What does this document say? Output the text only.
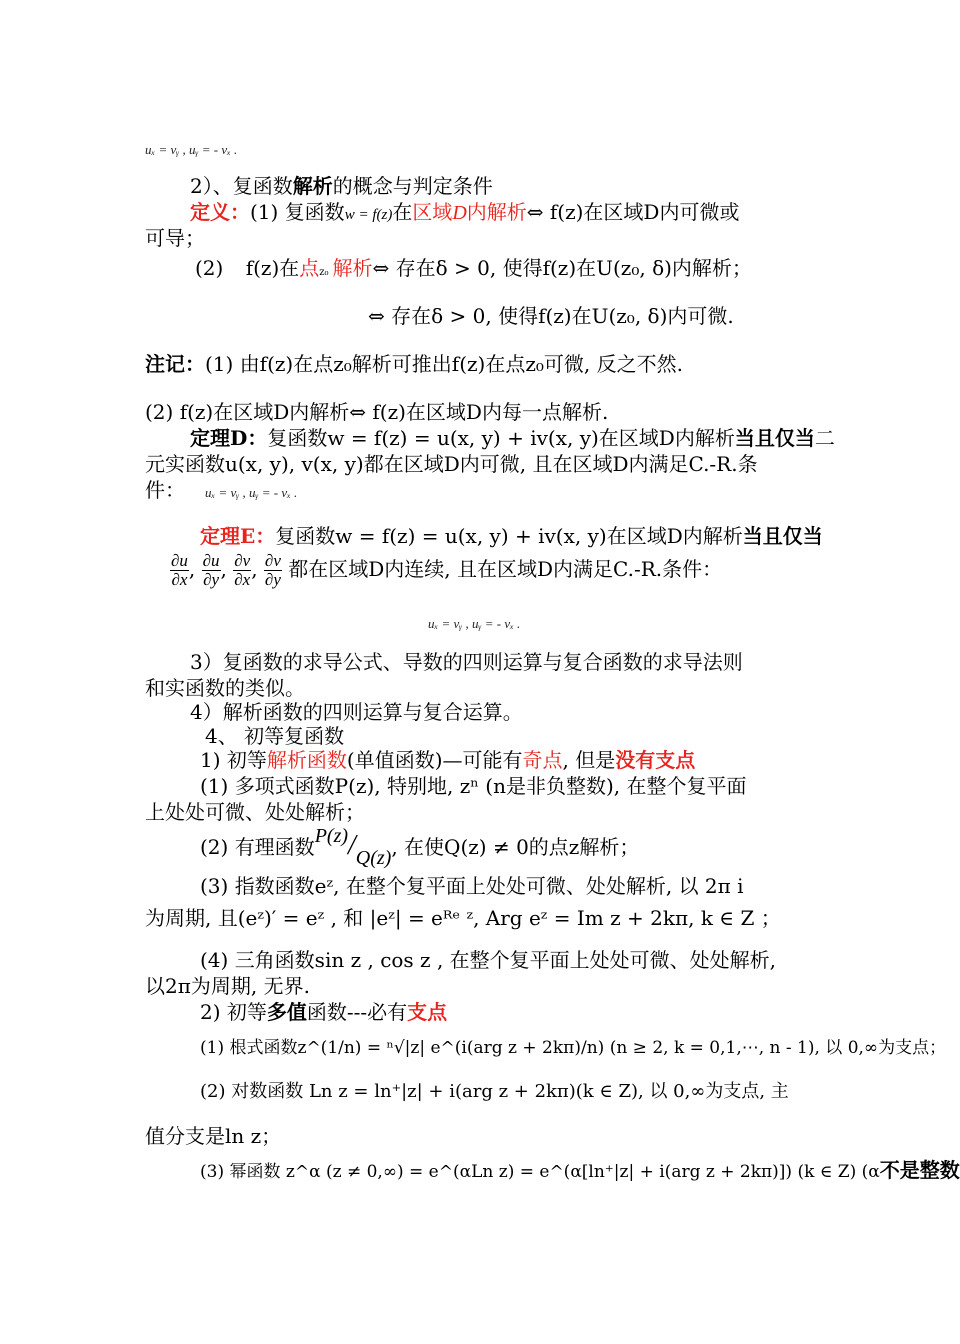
uₓ = vᵧ , uᵧ = - vₓ .
2）、复函数解析的概念与判定条件
定义：(1) 复函数w = f(z)在区域D内解析⇔ f(z)在区域D内可微或
可导；
(2) f(z)在点z₀ 解析⇔ 存在δ > 0, 使得f(z)在U(z₀, δ)内解析；
⇔ 存在δ > 0, 使得f(z)在U(z₀, δ)内可微.
注记：(1) 由f(z)在点z₀解析可推出f(z)在点z₀可微, 反之不然.
(2) f(z)在区域D内解析⇔ f(z)在区域D内每一点解析.
定理D：复函数w = f(z) = u(x, y) + iv(x, y)在区域D内解析当且仅当二
元实函数u(x, y), v(x, y)都在区域D内可微, 且在区域D内满足C.-R.条
件： uₓ = vᵧ , uᵧ = - vₓ .
定理E：复函数w = f(z) = u(x, y) + iv(x, y)在区域D内解析当且仅当
$\frac{\partial u}{\partial x}$ , $\frac{\partial u}{\partial y}$ , $\frac{\partial v}{\partial x}$ , $\frac{\partial v}{\partial y}$ 都在区域D内连续, 且在区域D内满足C.-R.条件：
uₓ = vᵧ , uᵧ = - vₓ .
3）复函数的求导公式、导数的四则运算与复合函数的求导法则
和实函数的类似。
4）解析函数的四则运算与复合运算。
4、 初等复函数
1) 初等解析函数(单值函数)—可能有奇点, 但是没有支点
(1) 多项式函数P(z), 特别地, zⁿ (n是非负整数), 在整个复平面
上处处可微、处处解析；
(2) 有理函数P(z)/Q(z), 在使Q(z) ≠ 0的点z解析；
(3) 指数函数eᶻ, 在整个复平面上处处可微、处处解析, 以 2π i
为周期, 且(eᶻ)′ = eᶻ , 和 |eᶻ| = eᴿᵉ ᶻ, Arg eᶻ = Im z + 2kπ, k ∈ Z ；
(4) 三角函数sin z , cos z , 在整个复平面上处处可微、处处解析,
以2π为周期, 无界.
2) 初等多值函数---必有支点
(1) 根式函数z^(1/n) = ⁿ√|z| e^(i(arg z + 2kπ)/n) (n ≥ 2, k = 0,1,⋯, n - 1), 以 0,∞为支点；
(2) 对数函数 Ln z = ln⁺|z| + i(arg z + 2kπ)(k ∈ Z), 以 0,∞为支点, 主
值分支是ln z；
(3) 幂函数 z^α (z ≠ 0,∞) = e^(αLn z) = e^(α[ln⁺|z| + i(arg z + 2kπ)]) (k ∈ Z) (α不是整数
